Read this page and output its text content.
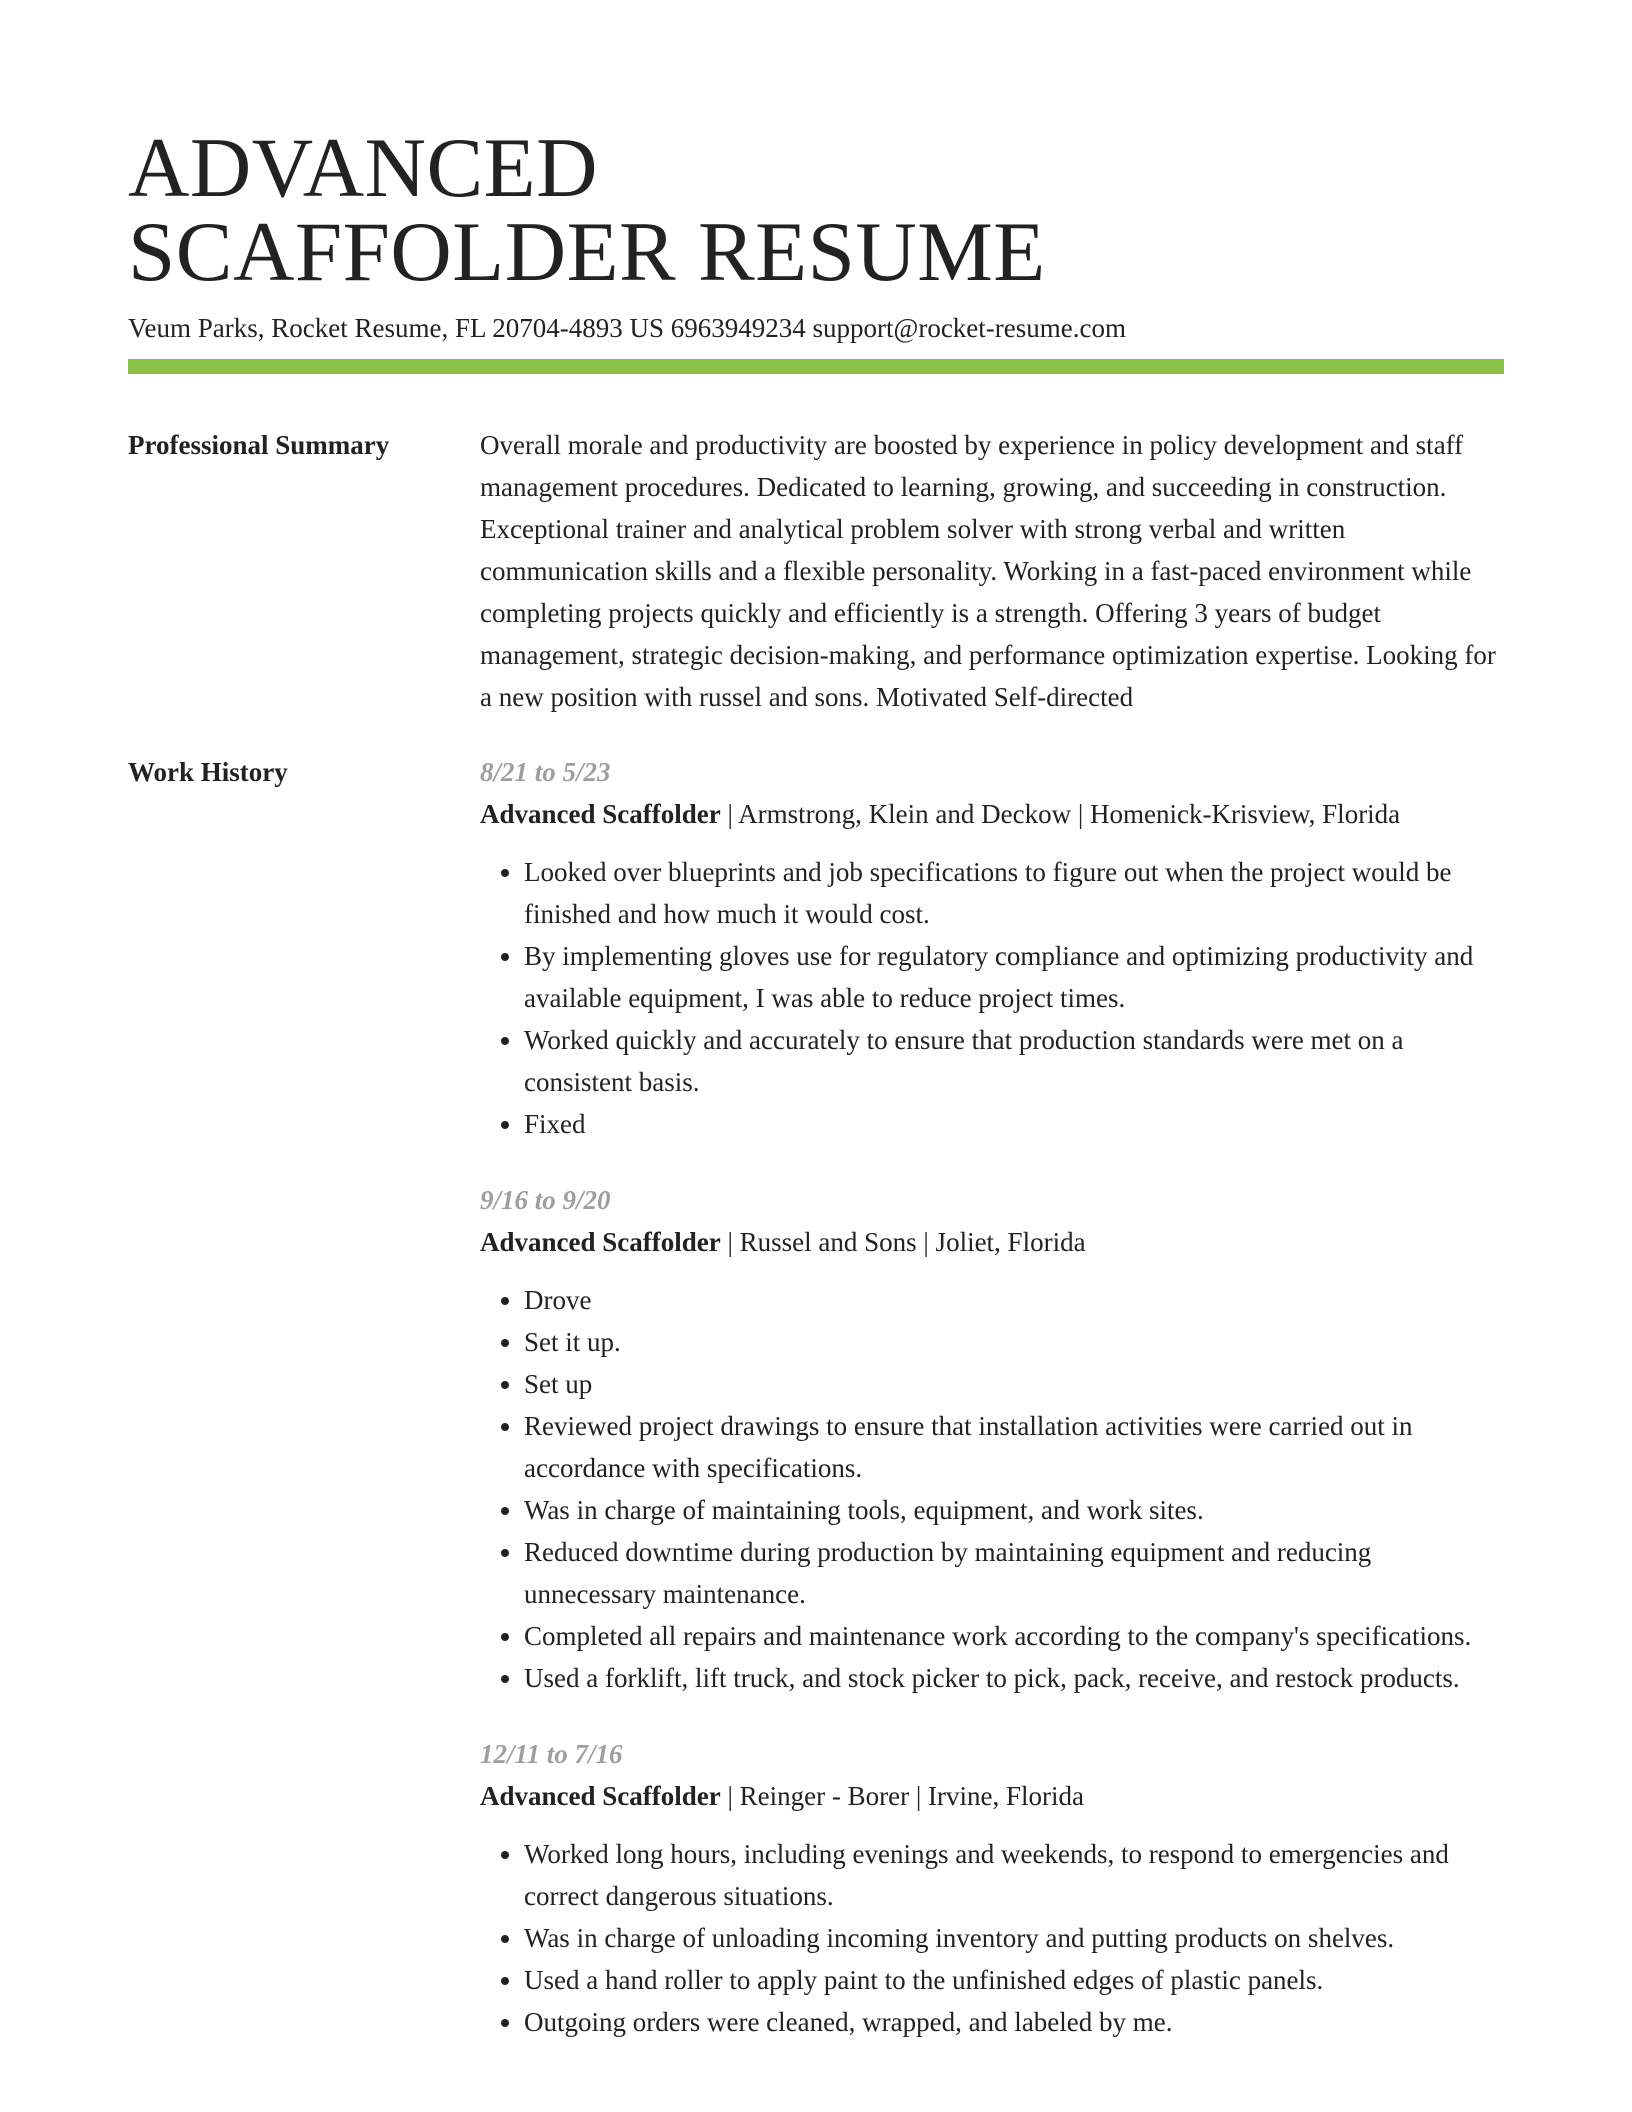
ADVANCED
SCAFFOLDER RESUME
Veum Parks, Rocket Resume, FL 20704-4893 US 6963949234 support@rocket-resume.com
Professional Summary	Overall morale and productivity are boosted by experience in policy development and staff management procedures. Dedicated to learning, growing, and succeeding in construction. Exceptional trainer and analytical problem solver with strong verbal and written communication skills and a flexible personality. Working in a fast-paced environment while completing projects quickly and efficiently is a strength. Offering 3 years of budget management, strategic decision-making, and performance optimization expertise. Looking for a new position with russel and sons. Motivated Self-directed

Work History	8/21 to 5/23
Advanced Scaffolder | Armstrong, Klein and Deckow | Homenick-Krisview, Florida
• Looked over blueprints and job specifications to figure out when the project would be finished and how much it would cost.
• By implementing gloves use for regulatory compliance and optimizing productivity and available equipment, I was able to reduce project times.
• Worked quickly and accurately to ensure that production standards were met on a consistent basis.
• Fixed
9/16 to 9/20
Advanced Scaffolder | Russel and Sons | Joliet, Florida
• Drove
• Set it up.
• Set up
• Reviewed project drawings to ensure that installation activities were carried out in accordance with specifications.
• Was in charge of maintaining tools, equipment, and work sites.
• Reduced downtime during production by maintaining equipment and reducing unnecessary maintenance.
• Completed all repairs and maintenance work according to the company's specifications.
• Used a forklift, lift truck, and stock picker to pick, pack, receive, and restock products.
12/11 to 7/16
Advanced Scaffolder | Reinger - Borer | Irvine, Florida
• Worked long hours, including evenings and weekends, to respond to emergencies and correct dangerous situations.
• Was in charge of unloading incoming inventory and putting products on shelves.
• Used a hand roller to apply paint to the unfinished edges of plastic panels.
• Outgoing orders were cleaned, wrapped, and labeled by me.
